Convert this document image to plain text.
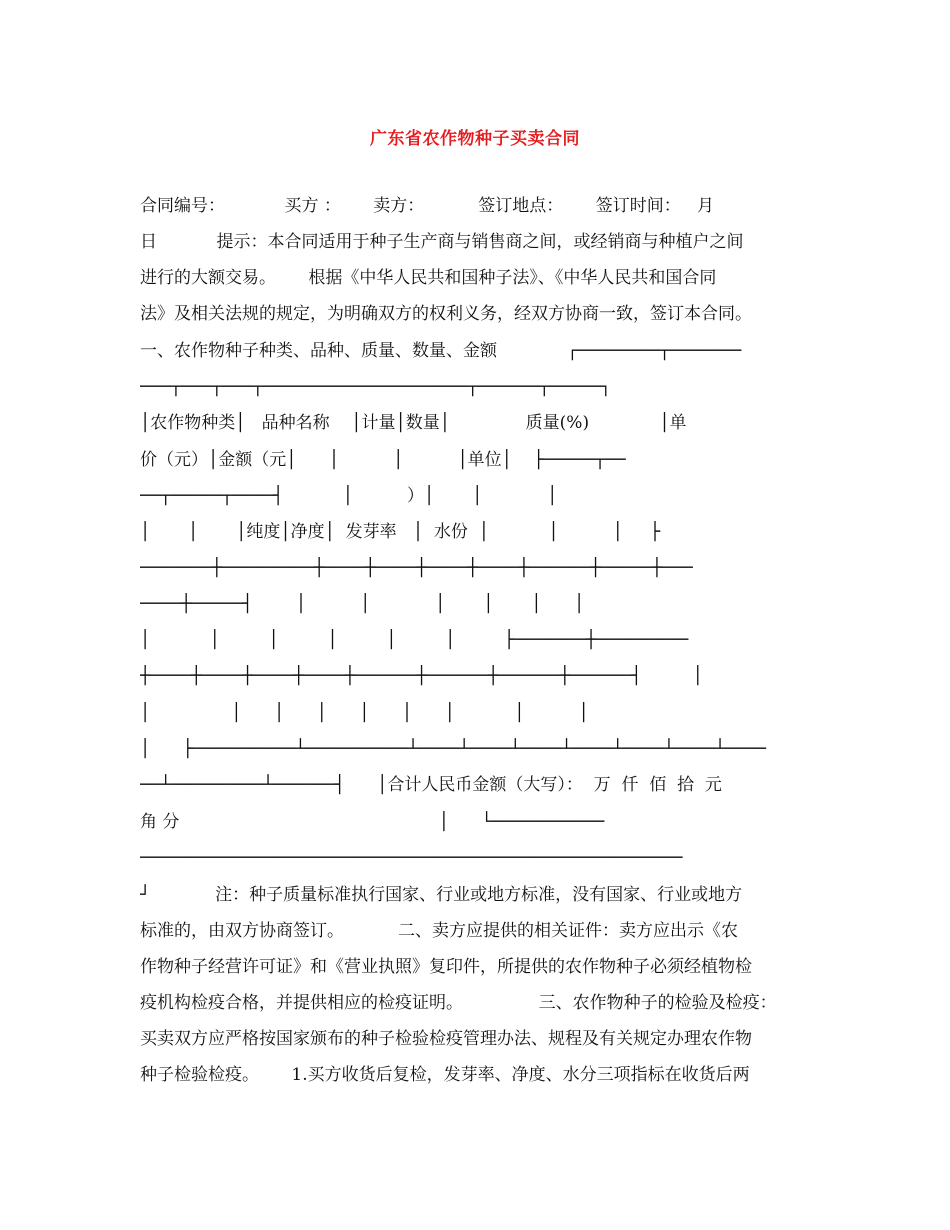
广东省农作物种子买卖合同
合同编号：           买方 ：      卖方：          签订地点：      签订时间：   月
日           提示：本合同适用于种子生产商与销售商之间，或经销商与种植户之间
进行的大额交易。      根据《中华人民共和国种子法》、《中华人民共和国合同
法》及相关法规的规定，为明确双方的权利义务，经双方协商一致，签订本合同。
一、农作物种子种类、品种、质量、数量、金额             ┌────────┬───────
───┬───┬───┬────────────────────┬──────┬─────┐
│农作物种类│   品种名称    │计量│数量│              质量(%)             │单
价（元）│金额（元│      │          │          │单位│    ├─────┬──
──┬─────┬────┤           │          ）│       │            │
│       │       │纯度│净度│  发芽率   │  水份  │           │          │     ├
───────┼─────────┼────┼────┼────┼────┼──────┼─────┼───
────┼─────┤        │          │            │       │       │      │
│           │         │         │         │         │         ├───────┼─────────
┼────┼────┼────┼────┼──────┼──────┼──────┼──────┤     │
│               │      │      │      │      │      │           │          │
│      ├──────────┴──────────┴────┴────┴────┴────┴────┴────┴────
──┴─────────┴──────┤      │合计人民币金额（大写）：  万  仟  佰  拾  元
角 分                                                │      └───────────
─────────────────────────────────────────────────────
┘            注：种子质量标准执行国家、行业或地方标准，没有国家、行业或地方
标准的，由双方协商签订。          二、卖方应提供的相关证件：卖方应出示《农
作物种子经营许可证》和《营业执照》复印件，所提供的农作物种子必须经植物检
疫机构检疫合格，并提供相应的检疫证明。              三、农作物种子的检验及检疫：
买卖双方应严格按国家颁布的种子检验检疫管理办法、规程及有关规定办理农作物
种子检验检疫。      1.买方收货后复检，发芽率、净度、水分三项指标在收货后两
